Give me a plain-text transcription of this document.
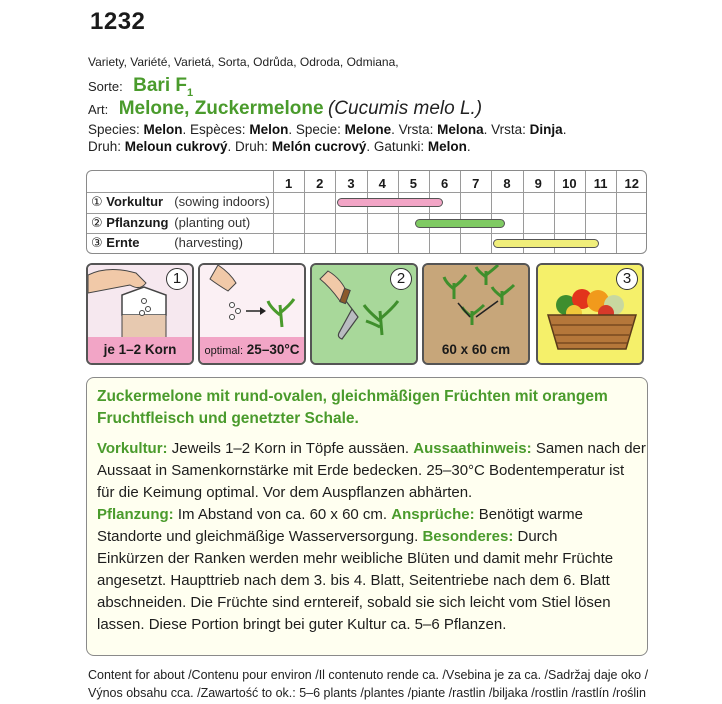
1232
Variety, Variété, Varietá, Sorta, Odrůda, Odroda, Odmiana,
Sorte: Bari $F_1$
Art: Melone, Zuckermelone (Cucumis melo L.)
Species: Melon. Espèces: Melon. Specie: Melone. Vrsta: Melona. Vrsta: Dinja.
Druh: Meloun cukrový. Druh: Melón cucrový. Gatunki: Melon.
1	2	3	4	5	6	7	8	9	10	11	12
① Vorkultur (sowing indoors)
② Pflanzung (planting out)
③ Ernte	(harvesting)
1
je 1–2 Korn	optimal: 25–30°C
2
60 x 60 cm
3
Zuckermelone mit rund-ovalen, gleichmäßigen Früchten mit orangem Fruchtfleisch und genetzter Schale.
Vorkultur: Jeweils 1–2 Korn in Töpfe aussäen. Aussaathinweis: Samen nach der
Aussaat in Samenkornstärke mit Erde bedecken. 25–30°C Bodentemperatur ist
für die Keimung optimal. Vor dem Auspflanzen abhärten.
Pflanzung: Im Abstand von ca. 60 x 60 cm. Ansprüche: Benötigt warme
Standorte und gleichmäßige Wasserversorgung. Besonderes: Durch
Einkürzen der Ranken werden mehr weibliche Blüten und damit mehr Früchte
angesetzt. Haupttrieb nach dem 3. bis 4. Blatt, Seitentriebe nach dem 6. Blatt
abschneiden. Die Früchte sind erntereif, sobald sie sich leicht vom Stiel lösen
lassen. Diese Portion bringt bei guter Kultur ca. 5–6 Pflanzen.
Content for about /Contenu pour environ /Il contenuto rende ca. /Vsebina je za ca. /Sadržaj daje oko /
Výnos obsahu cca. /Zawartość to ok.: 5–6 plants /plantes /piante /rastlin /biljaka /rostlin /rastlín /roślin
